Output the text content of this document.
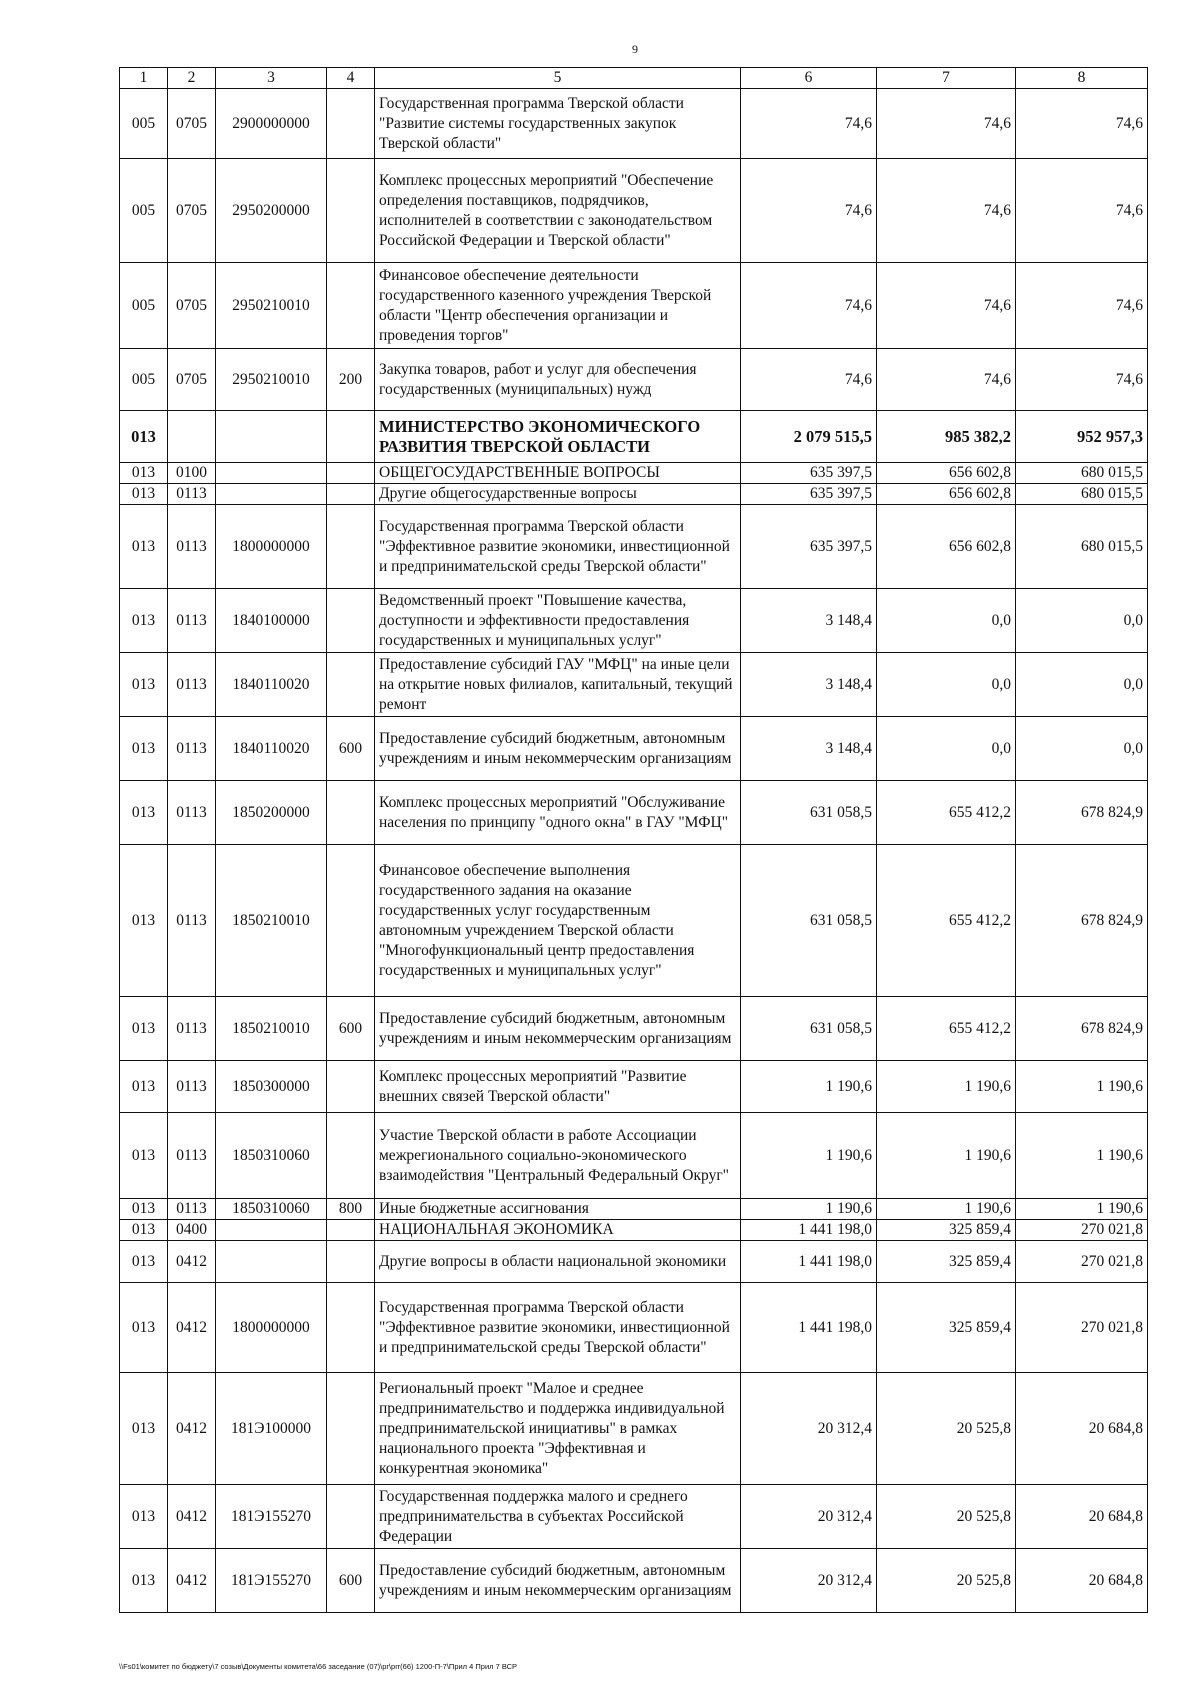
9
1	2	3	4	5	6	7	8
005	0705	2900000000		Государственная программа Тверской области "Развитие системы государственных закупок Тверской области"	74,6	74,6	74,6
005	0705	2950200000		Комплекс процессных мероприятий "Обеспечение определения поставщиков, подрядчиков, исполнителей в соответствии с законодательством Российской Федерации и Тверской области"	74,6	74,6	74,6
005	0705	2950210010		Финансовое обеспечение деятельности государственного казенного учреждения Тверской области "Центр обеспечения организации и проведения торгов"	74,6	74,6	74,6
005	0705	2950210010	200	Закупка товаров, работ и услуг для обеспечения государственных (муниципальных) нужд	74,6	74,6	74,6
013				МИНИСТЕРСТВО ЭКОНОМИЧЕСКОГО РАЗВИТИЯ ТВЕРСКОЙ ОБЛАСТИ	2 079 515,5	985 382,2	952 957,3
013	0100			ОБЩЕГОСУДАРСТВЕННЫЕ ВОПРОСЫ	635 397,5	656 602,8	680 015,5
013	0113			Другие общегосударственные вопросы	635 397,5	656 602,8	680 015,5
013	0113	1800000000		Государственная программа Тверской области "Эффективное развитие экономики, инвестиционной и предпринимательской среды Тверской области"	635 397,5	656 602,8	680 015,5
013	0113	1840100000		Ведомственный проект "Повышение качества, доступности и эффективности предоставления государственных и муниципальных услуг"	3 148,4	0,0	0,0
013	0113	1840110020		Предоставление субсидий ГАУ "МФЦ" на иные цели на открытие новых филиалов, капитальный, текущий ремонт	3 148,4	0,0	0,0
013	0113	1840110020	600	Предоставление субсидий бюджетным, автономным учреждениям и иным некоммерческим организациям	3 148,4	0,0	0,0
013	0113	1850200000		Комплекс процессных мероприятий "Обслуживание населения по принципу "одного окна" в ГАУ "МФЦ"	631 058,5	655 412,2	678 824,9
013	0113	1850210010		Финансовое обеспечение выполнения государственного задания на оказание государственных услуг государственным автономным учреждением Тверской области "Многофункциональный центр предоставления государственных и муниципальных услуг"	631 058,5	655 412,2	678 824,9
013	0113	1850210010	600	Предоставление субсидий бюджетным, автономным учреждениям и иным некоммерческим организациям	631 058,5	655 412,2	678 824,9
013	0113	1850300000		Комплекс процессных мероприятий "Развитие внешних связей Тверской области"	1 190,6	1 190,6	1 190,6
013	0113	1850310060		Участие Тверской области в работе Ассоциации межрегионального социально-экономического взаимодействия "Центральный Федеральный Округ"	1 190,6	1 190,6	1 190,6
013	0113	1850310060	800	Иные бюджетные ассигнования	1 190,6	1 190,6	1 190,6
013	0400			НАЦИОНАЛЬНАЯ ЭКОНОМИКА	1 441 198,0	325 859,4	270 021,8
013	0412			Другие вопросы в области национальной экономики	1 441 198,0	325 859,4	270 021,8
013	0412	1800000000		Государственная программа Тверской области "Эффективное развитие экономики, инвестиционной и предпринимательской среды Тверской области"	1 441 198,0	325 859,4	270 021,8
013	0412	181Э100000		Региональный проект "Малое и среднее предпринимательство и поддержка индивидуальной предпринимательской инициативы" в рамках национального проекта "Эффективная и конкурентная экономика"	20 312,4	20 525,8	20 684,8
013	0412	181Э155270		Государственная поддержка малого и среднего предпринимательства в субъектах Российской Федерации	20 312,4	20 525,8	20 684,8
013	0412	181Э155270	600	Предоставление субсидий бюджетным, автономным учреждениям и иным некоммерческим организациям	20 312,4	20 525,8	20 684,8
\\Fs01\комитет по бюджету\7 созыв\Документы комитета\66 заседание (07)\pr\prr(66) 1200-П-7\Прил 4 Прил 7 ВСР
